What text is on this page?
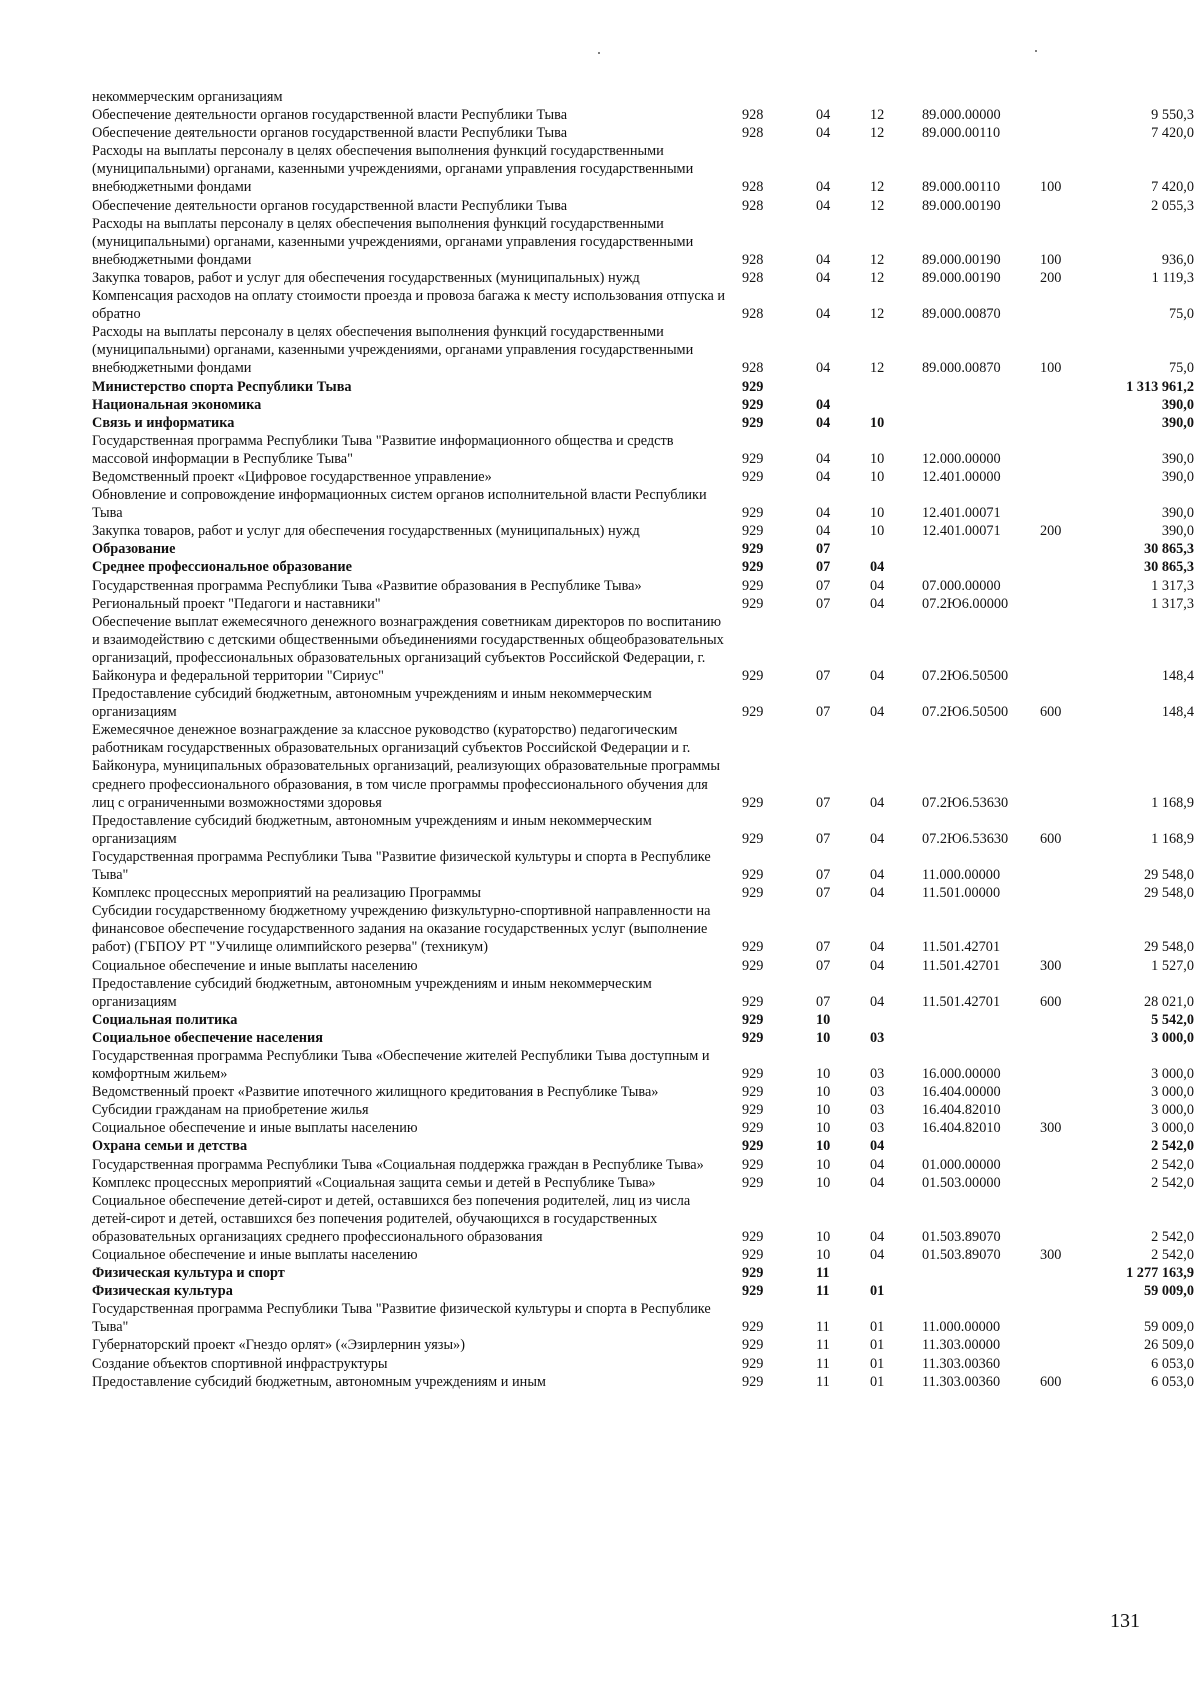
некоммерческим организациям						
Обеспечение деятельности органов государственной власти Республики Тыва	928	04	12	89.000.00000		9 550,3
Обеспечение деятельности органов государственной власти Республики Тыва	928	04	12	89.000.00110		7 420,0
Расходы на выплаты персоналу в целях обеспечения выполнения функций государственными (муниципальными) органами, казенными учреждениями, органами управления государственными внебюджетными фондами	928	04	12	89.000.00110	100	7 420,0
Обеспечение деятельности органов государственной власти Республики Тыва	928	04	12	89.000.00190		2 055,3
Расходы на выплаты персоналу в целях обеспечения выполнения функций государственными (муниципальными) органами, казенными учреждениями, органами управления государственными внебюджетными фондами	928	04	12	89.000.00190	100	936,0
Закупка товаров, работ и услуг для обеспечения государственных (муниципальных) нужд	928	04	12	89.000.00190	200	1 119,3
Компенсация расходов на оплату стоимости проезда и провоза багажа к месту использования отпуска и обратно	928	04	12	89.000.00870		75,0
Расходы на выплаты персоналу в целях обеспечения выполнения функций государственными (муниципальными) органами, казенными учреждениями, органами управления государственными внебюджетными фондами	928	04	12	89.000.00870	100	75,0
Министерство спорта Республики Тыва	929					1 313 961,2
Национальная экономика	929	04				390,0
Связь и информатика	929	04	10			390,0
Государственная программа Республики Тыва "Развитие информационного общества и средств массовой информации в Республике Тыва"	929	04	10	12.000.00000		390,0
Ведомственный проект «Цифровое государственное управление»	929	04	10	12.401.00000		390,0
Обновление и сопровождение информационных систем органов исполнительной власти Республики Тыва	929	04	10	12.401.00071		390,0
Закупка товаров, работ и услуг для обеспечения государственных (муниципальных) нужд	929	04	10	12.401.00071	200	390,0
Образование	929	07				30 865,3
Среднее профессиональное образование	929	07	04			30 865,3
Государственная программа Республики Тыва «Развитие образования в Республике Тыва»	929	07	04	07.000.00000		1 317,3
Региональный проект "Педагоги и наставники"	929	07	04	07.2Ю6.00000		1 317,3
Обеспечение выплат ежемесячного денежного вознаграждения советникам директоров по воспитанию и взаимодействию с детскими общественными объединениями государственных общеобразовательных организаций, профессиональных образовательных организаций субъектов Российской Федерации, г. Байконура и федеральной территории "Сириус"	929	07	04	07.2Ю6.50500		148,4
Предоставление субсидий бюджетным, автономным учреждениям и иным некоммерческим организациям	929	07	04	07.2Ю6.50500	600	148,4
Ежемесячное денежное вознаграждение за классное руководство (кураторство) педагогическим работникам государственных образовательных организаций субъектов Российской Федерации и г. Байконура, муниципальных образовательных организаций, реализующих образовательные программы среднего профессионального образования, в том числе программы профессионального обучения для лиц с ограниченными возможностями здоровья	929	07	04	07.2Ю6.53630		1 168,9
Предоставление субсидий бюджетным, автономным учреждениям и иным некоммерческим организациям	929	07	04	07.2Ю6.53630	600	1 168,9
Государственная программа Республики Тыва "Развитие физической культуры и спорта в Республике Тыва"	929	07	04	11.000.00000		29 548,0
Комплекс процессных мероприятий на реализацию Программы	929	07	04	11.501.00000		29 548,0
Субсидии государственному бюджетному учреждению физкультурно-спортивной направленности на финансовое обеспечение государственного задания на оказание государственных услуг (выполнение работ) (ГБПОУ РТ "Училище олимпийского резерва" (техникум)	929	07	04	11.501.42701		29 548,0
Социальное обеспечение и иные выплаты населению	929	07	04	11.501.42701	300	1 527,0
Предоставление субсидий бюджетным, автономным учреждениям и иным некоммерческим организациям	929	07	04	11.501.42701	600	28 021,0
Социальная политика	929	10				5 542,0
Социальное обеспечение населения	929	10	03			3 000,0
Государственная программа Республики Тыва «Обеспечение жителей Республики Тыва доступным и комфортным жильем»	929	10	03	16.000.00000		3 000,0
Ведомственный проект «Развитие ипотечного жилищного кредитования в Республике Тыва»	929	10	03	16.404.00000		3 000,0
Субсидии гражданам на приобретение жилья	929	10	03	16.404.82010		3 000,0
Социальное обеспечение и иные выплаты населению	929	10	03	16.404.82010	300	3 000,0
Охрана семьи и детства	929	10	04			2 542,0
Государственная программа Республики Тыва «Социальная поддержка граждан в Республике Тыва»	929	10	04	01.000.00000		2 542,0
Комплекс процессных мероприятий «Социальная защита семьи и детей в Республике Тыва»	929	10	04	01.503.00000		2 542,0
Социальное обеспечение детей-сирот и детей, оставшихся без попечения родителей, лиц из числа детей-сирот и детей, оставшихся без попечения родителей, обучающихся в государственных образовательных организациях среднего профессионального образования	929	10	04	01.503.89070		2 542,0
Социальное обеспечение и иные выплаты населению	929	10	04	01.503.89070	300	2 542,0
Физическая культура и спорт	929	11				1 277 163,9
Физическая культура	929	11	01			59 009,0
Государственная программа Республики Тыва "Развитие физической культуры и спорта в Республике Тыва"	929	11	01	11.000.00000		59 009,0
Губернаторский проект «Гнездо орлят» («Эзирлернин уязы»)	929	11	01	11.303.00000		26 509,0
Создание объектов спортивной инфраструктуры	929	11	01	11.303.00360		6 053,0
Предоставление субсидий бюджетным, автономным учреждениям и иным	929	11	01	11.303.00360	600	6 053,0
131
